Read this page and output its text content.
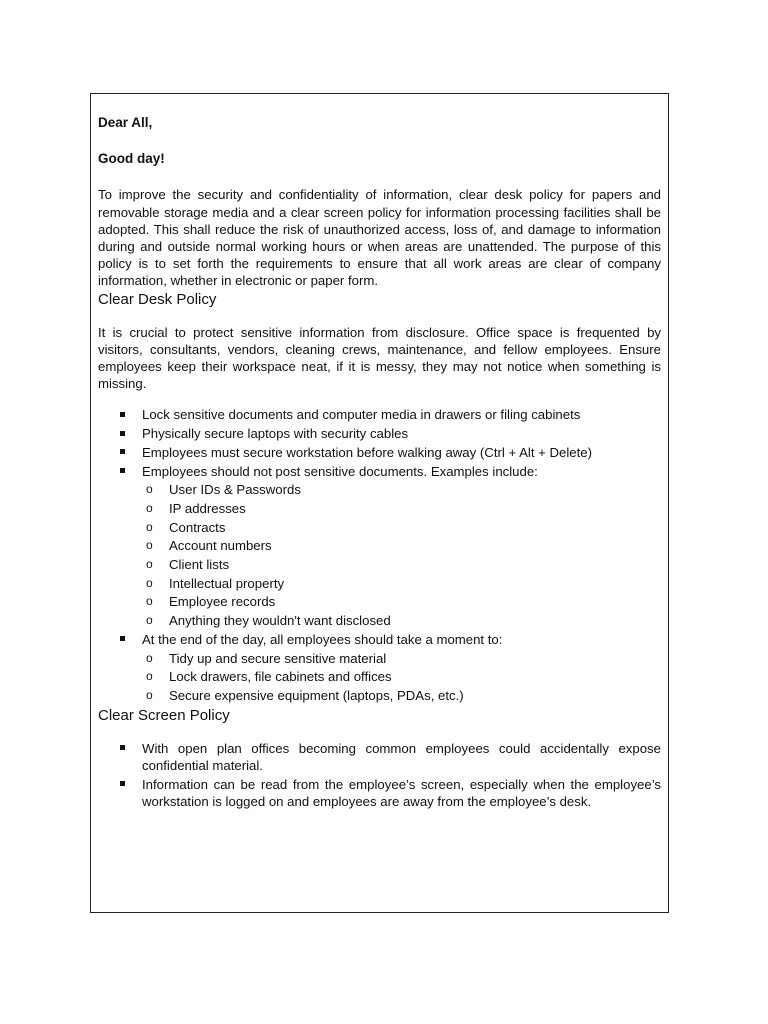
Dear All,

Good day!

To improve the security and confidentiality of information, clear desk policy for papers and removable storage media and a clear screen policy for information processing facilities shall be adopted. This shall reduce the risk of unauthorized access, loss of, and damage to information during and outside normal working hours or when areas are unattended. The purpose of this policy is to set forth the requirements to ensure that all work areas are clear of company information, whether in electronic or paper form.

Clear Desk Policy

It is crucial to protect sensitive information from disclosure. Office space is frequented by visitors, consultants, vendors, cleaning crews, maintenance, and fellow employees. Ensure employees keep their workspace neat, if it is messy, they may not notice when something is missing.

Lock sensitive documents and computer media in drawers or filing cabinets
Physically secure laptops with security cables
Employees must secure workstation before walking away (Ctrl + Alt + Delete)
Employees should not post sensitive documents. Examples include:
o User IDs & Passwords
o IP addresses
o Contracts
o Account numbers
o Client lists
o Intellectual property
o Employee records
o Anything they wouldn't want disclosed
At the end of the day, all employees should take a moment to:
o Tidy up and secure sensitive material
o Lock drawers, file cabinets and offices
o Secure expensive equipment (laptops, PDAs, etc.)
Clear Screen Policy
With open plan offices becoming common employees could accidentally expose confidential material.
Information can be read from the employee’s screen, especially when the employee’s workstation is logged on and employees are away from the employee’s desk.
